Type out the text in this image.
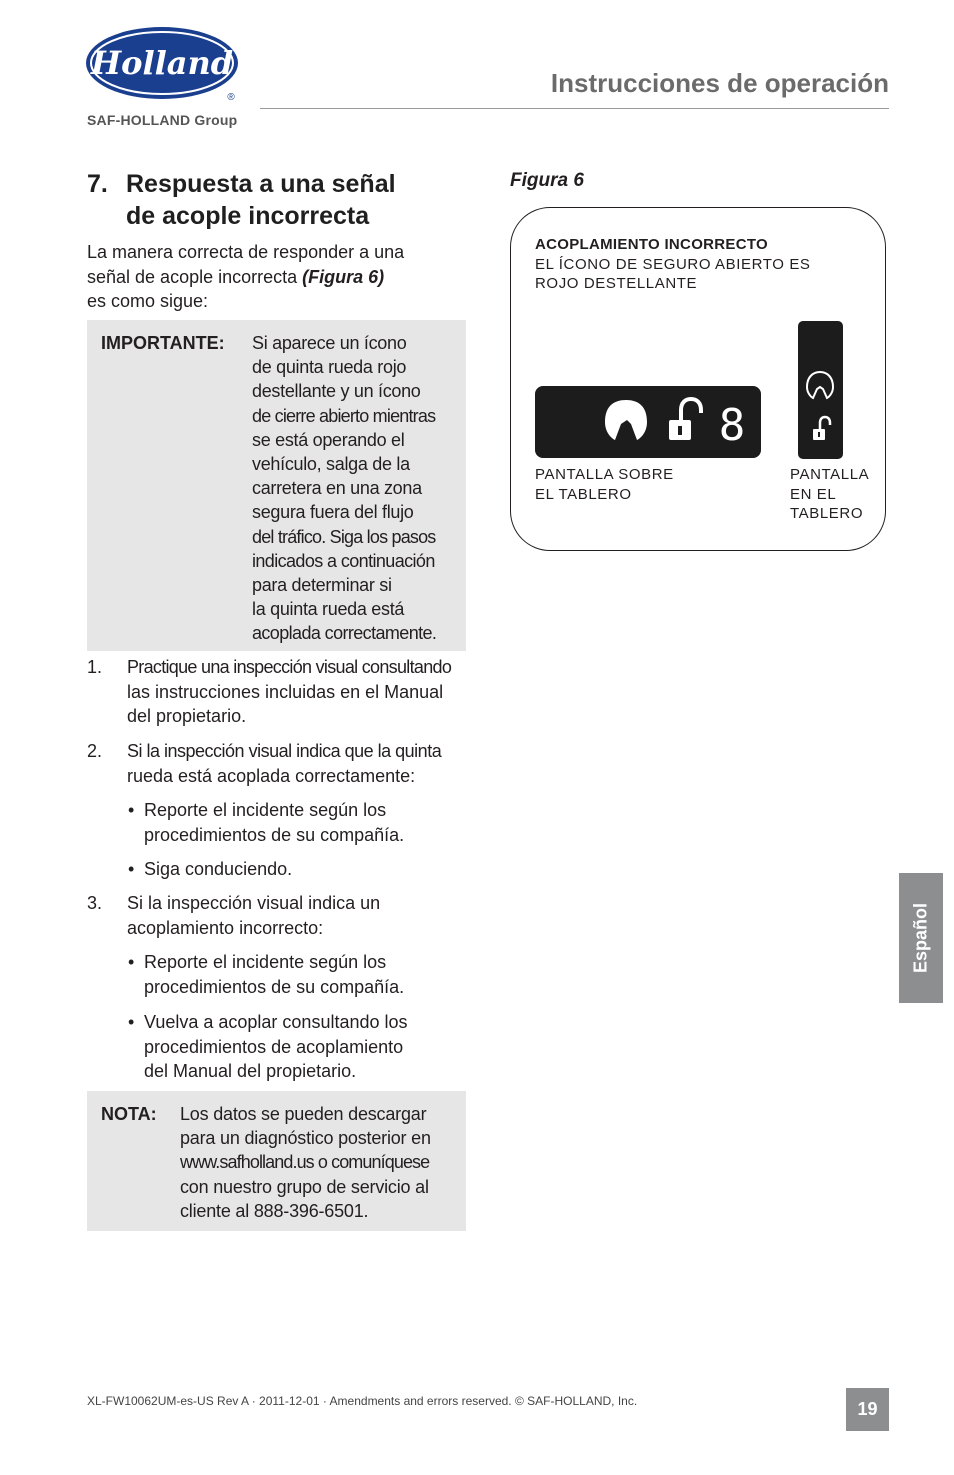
Holland
®
SAF-HOLLAND Group
Instrucciones de operación
7. Respuesta a una señal
de acople incorrecta
La manera correcta de responder a una
señal de acople incorrecta (Figura 6)
es como sigue:
IMPORTANTE: Si aparece un ícono
de quinta rueda rojo
destellante y un ícono
de cierre abierto mientras
se está operando el
vehículo, salga de la
carretera en una zona
segura fuera del flujo
del tráfico. Siga los pasos
indicados a continuación
para determinar si
la quinta rueda está
acoplada correctamente.
1. Practique una inspección visual consultando
las instrucciones incluidas en el Manual
del propietario.
2. Si la inspección visual indica que la quinta
rueda está acoplada correctamente:
• Reporte el incidente según los
procedimientos de su compañía.
• Siga conduciendo.
3. Si la inspección visual indica un
acoplamiento incorrecto:
• Reporte el incidente según los
procedimientos de su compañía.
• Vuelva a acoplar consultando los
procedimientos de acoplamiento
del Manual del propietario.
NOTA: Los datos se pueden descargar
para un diagnóstico posterior en
www.safholland.us o comuníquese
con nuestro grupo de servicio al
cliente al 888-396-6501.
Figura 6
ACOPLAMIENTO INCORRECTO
EL ÍCONO DE SEGURO ABIERTO ES
ROJO DESTELLANTE
8
PANTALLA SOBRE
EL TABLERO
PANTALLA
EN EL
TABLERO
Español
XL-FW10062UM-es-US Rev A · 2011-12-01 · Amendments and errors reserved. © SAF-HOLLAND, Inc.	19
